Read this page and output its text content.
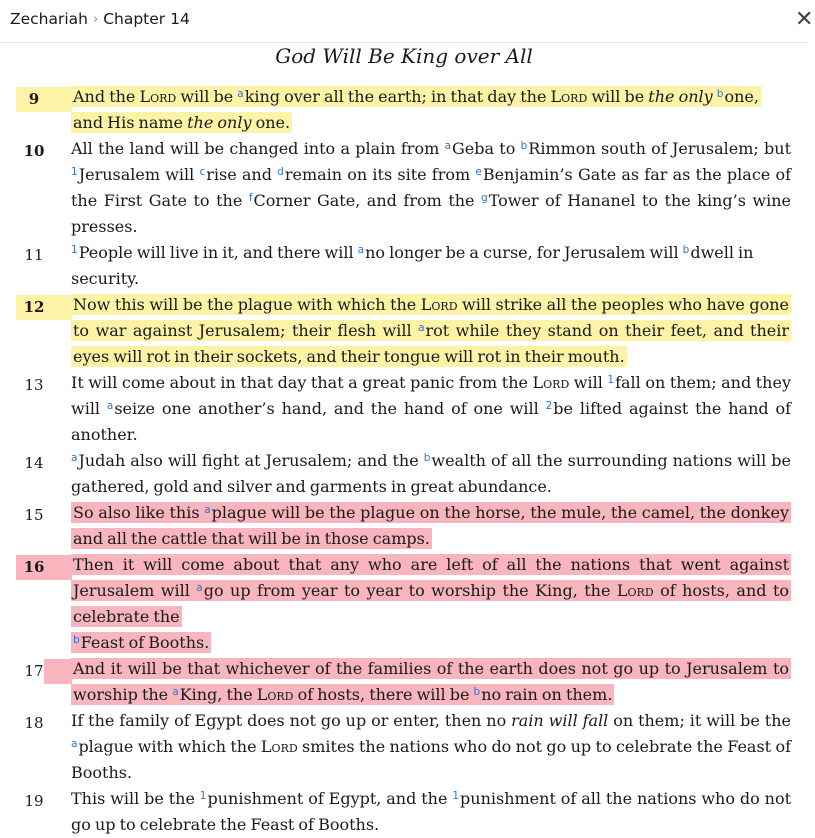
Zechariah › Chapter 14	✕
God Will Be King over All
9	And the Lord will be $^a$king over all the earth; in that day the Lord will be the only $^b$one, and His name the only one.
10	All the land will be changed into a plain from $^a$Geba to $^b$Rimmon south of Jerusalem; but $^1$Jerusalem will $^c$rise and $^d$remain on its site from $^e$Benjamin’s Gate as far as the place of the First Gate to the $^f$Corner Gate, and from the $^g$Tower of Hananel to the king’s wine presses.
11	$^1$People will live in it, and there will $^a$no longer be a curse, for Jerusalem will $^b$dwell in security.
12	Now this will be the plague with which the Lord will strike all the peoples who have gone to war against Jerusalem; their flesh will $^a$rot while they stand on their feet, and their eyes will rot in their sockets, and their tongue will rot in their mouth.
13	It will come about in that day that a great panic from the Lord will $^1$fall on them; and they will $^a$seize one another’s hand, and the hand of one will $^2$be lifted against the hand of another.
14	$^a$Judah also will fight at Jerusalem; and the $^b$wealth of all the surrounding nations will be gathered, gold and silver and garments in great abundance.
15	So also like this $^a$plague will be the plague on the horse, the mule, the camel, the donkey and all the cattle that will be in those camps.
16	Then it will come about that any who are left of all the nations that went against Jerusalem will $^a$go up from year to year to worship the King, the Lord of hosts, and to celebrate the
$^b$Feast of Booths.
17	And it will be that whichever of the families of the earth does not go up to Jerusalem to worship the $^a$King, the Lord of hosts, there will be $^b$no rain on them.
18	If the family of Egypt does not go up or enter, then no rain will fall on them; it will be the $^a$plague with which the Lord smites the nations who do not go up to celebrate the Feast of Booths.
19	This will be the $^1$punishment of Egypt, and the $^1$punishment of all the nations who do not go up to celebrate the Feast of Booths.
